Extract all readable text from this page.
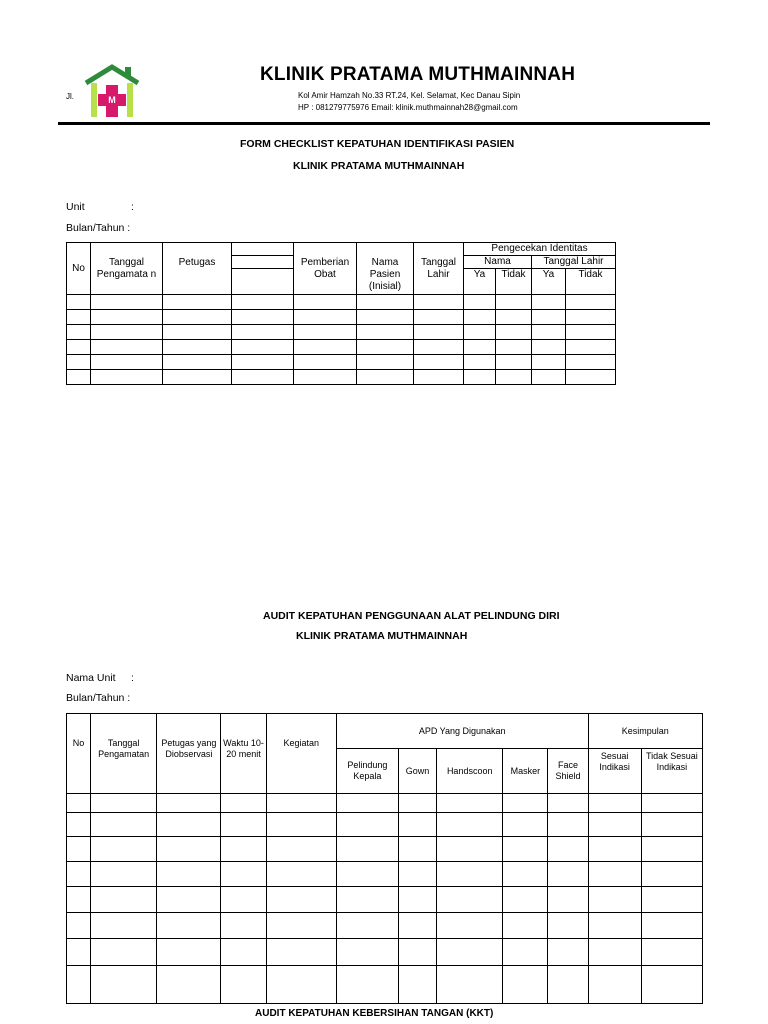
Jl.	M
KLINIK PRATAMA MUTHMAINNAH
Kol Amir Hamzah No.33 RT.24, Kel. Selamat, Kec Danau Sipin
HP : 081279775976 Email: klinik.muthmainnah28@gmail.com
FORM CHECKLIST KEPATUHAN IDENTIFIKASI PASIEN
KLINIK PRATAMA MUTHMAINNAH
Unit	:
Bulan/Tahun :
No	Tanggal Pengamata n	Petugas		Pemberian Obat	Nama Pasien (Inisial)	Tanggal Lahir	Pengecekan Identitas			
							Nama		Tanggal Lahir	
							Ya	Tidak	Ya	Tidak

AUDIT KEPATUHAN PENGGUNAAN ALAT PELINDUNG DIRI
KLINIK PRATAMA MUTHMAINNAH
Nama Unit :
Bulan/Tahun :
No	Tanggal Pengamatan	Petugas yang Diobservasi	Waktu 10-20 menit	Kegiatan	APD Yang Digunakan					Kesimpulan	
					Pelindung Kepala	Gown	Handscoon	Masker	Face Shield	Sesuai Indikasi	Tidak Sesuai Indikasi

AUDIT KEPATUHAN KEBERSIHAN TANGAN (KKT)
